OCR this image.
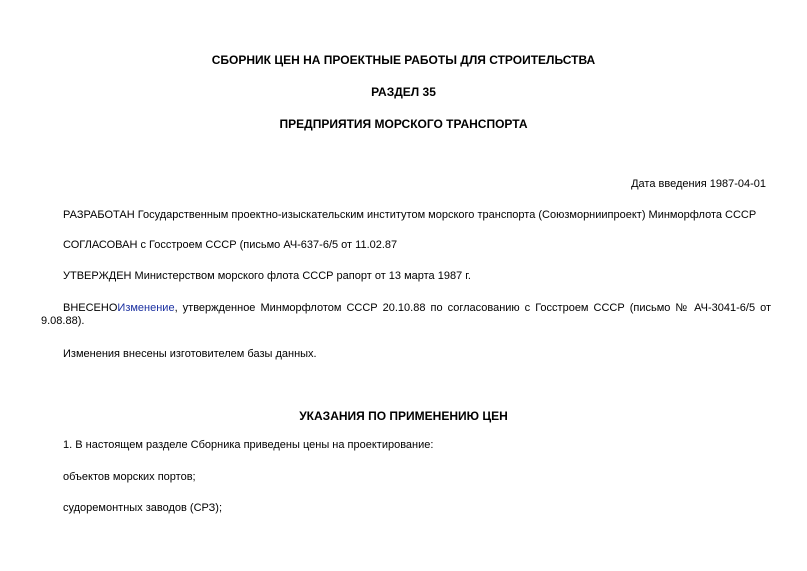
СБОРНИК ЦЕН НА ПРОЕКТНЫЕ РАБОТЫ ДЛЯ СТРОИТЕЛЬСТВА
РАЗДЕЛ 35
ПРЕДПРИЯТИЯ МОРСКОГО ТРАНСПОРТА
Дата введения 1987-04-01
РАЗРАБОТАН Государственным проектно-изыскательским институтом морского транспорта (Союзморниипроект) Минморфлота СССР
СОГЛАСОВАН с Госстроем СССР (письмо АЧ-637-6/5 от 11.02.87
УТВЕРЖДЕН Министерством морского флота СССР рапорт от 13 марта 1987 г.
ВНЕСЕНОИзменение, утвержденное Минморфлотом СССР 20.10.88 по согласованию с Госстроем СССР (письмо № АЧ-3041-6/5 от 9.08.88).
Изменения внесены изготовителем базы данных.
УКАЗАНИЯ ПО ПРИМЕНЕНИЮ ЦЕН
1. В настоящем разделе Сборника приведены цены на проектирование:
объектов морских портов;
судоремонтных заводов (СРЗ);
